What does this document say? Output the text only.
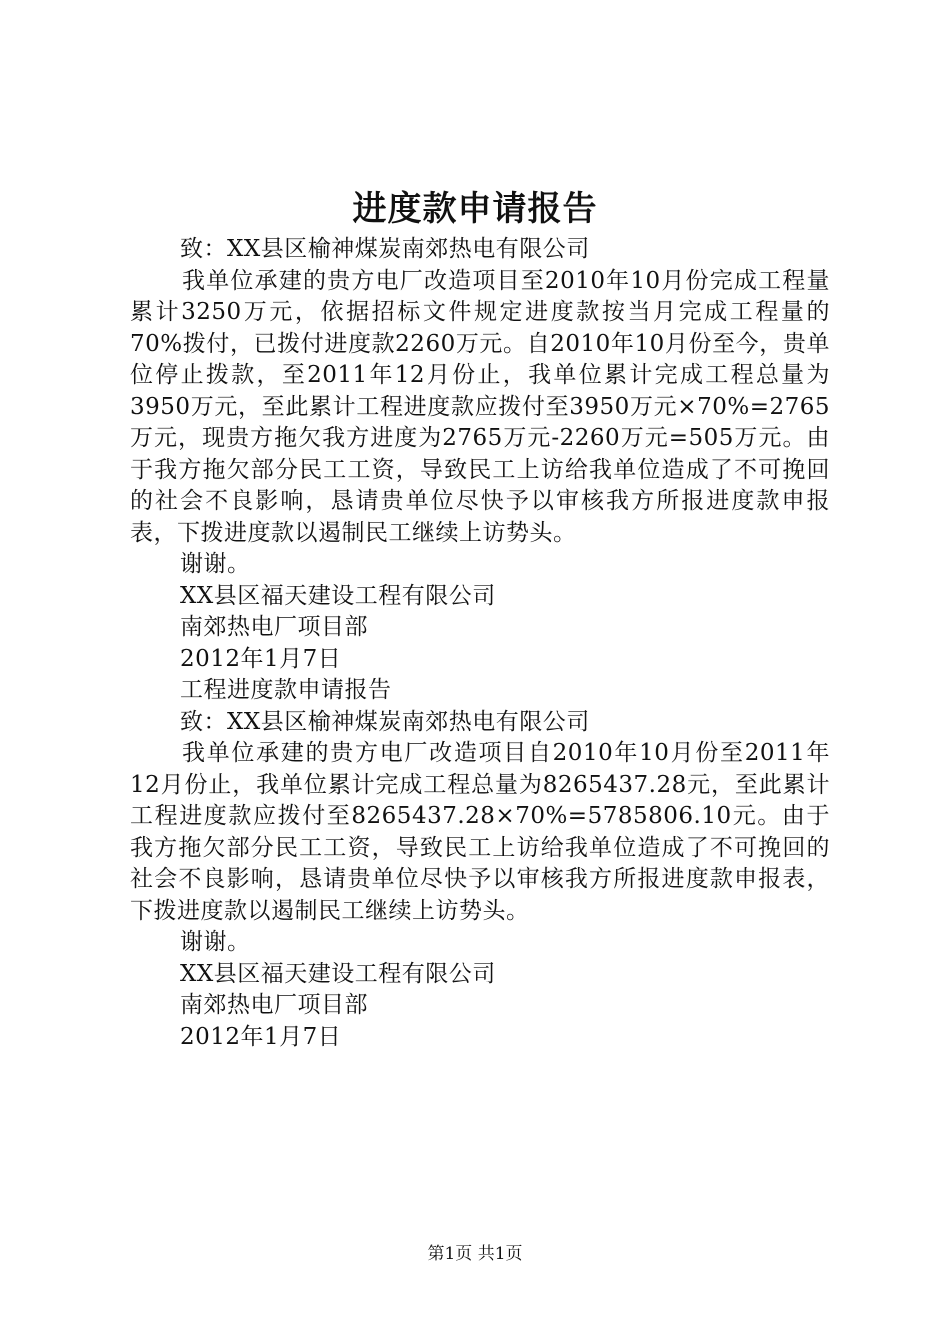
进度款申请报告

致：XX县区榆神煤炭南郊热电有限公司

我单位承建的贵方电厂改造项目至2010年10月份完成工程量累计3250万元，依据招标文件规定进度款按当月完成工程量的70%拨付，已拨付进度款2260万元。自2010年10月份至今，贵单位停止拨款，至2011年12月份止，我单位累计完成工程总量为3950万元，至此累计工程进度款应拨付至3950万元×70%=2765万元，现贵方拖欠我方进度为2765万元-2260万元=505万元。由于我方拖欠部分民工工资，导致民工上访给我单位造成了不可挽回的社会不良影响，恳请贵单位尽快予以审核我方所报进度款申报表，下拨进度款以遏制民工继续上访势头。

谢谢。

XX县区福天建设工程有限公司

南郊热电厂项目部

2012年1月7日

工程进度款申请报告

致：XX县区榆神煤炭南郊热电有限公司

我单位承建的贵方电厂改造项目自2010年10月份至2011年12月份止，我单位累计完成工程总量为8265437.28元，至此累计工程进度款应拨付至8265437.28×70%=5785806.10元。由于我方拖欠部分民工工资，导致民工上访给我单位造成了不可挽回的社会不良影响，恳请贵单位尽快予以审核我方所报进度款申报表，下拨进度款以遏制民工继续上访势头。

谢谢。

XX县区福天建设工程有限公司

南郊热电厂项目部

2012年1月7日

第1页 共1页
